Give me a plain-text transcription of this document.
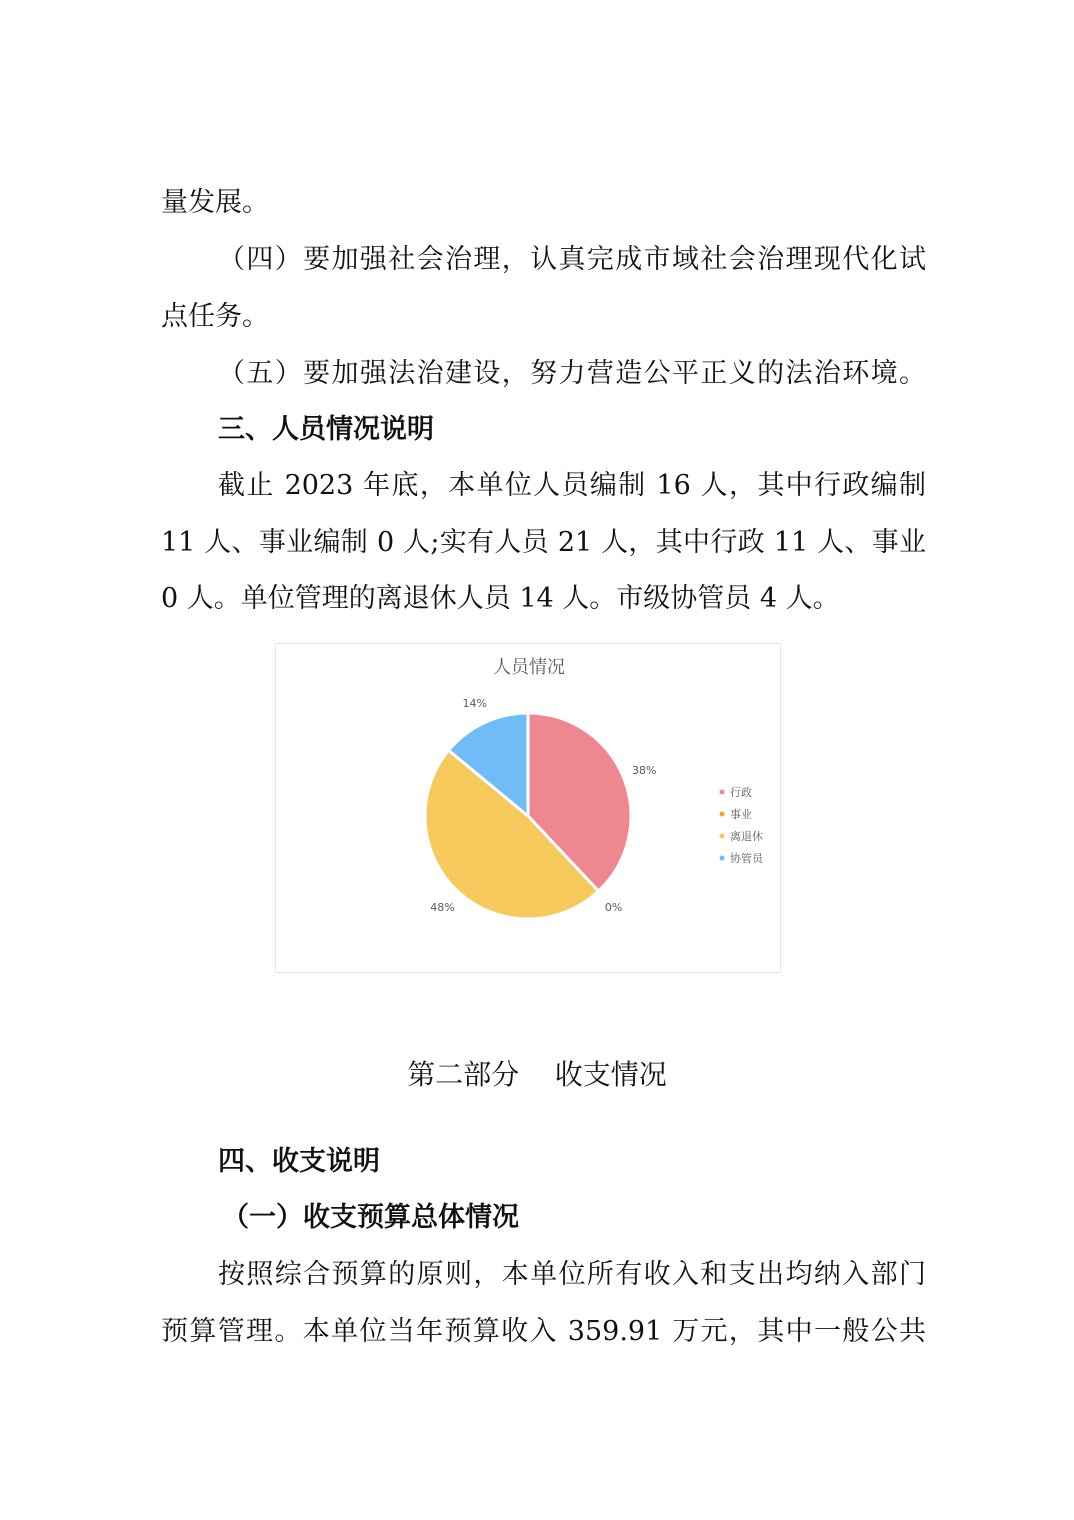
量发展。
（四）要加强社会治理，认真完成市域社会治理现代化试
点任务。
（五）要加强法治建设，努力营造公平正义的法治环境。
三、人员情况说明
截止 2023 年底，本单位人员编制 16 人，其中行政编制
11 人、事业编制 0 人;实有人员 21 人，其中行政 11 人、事业
0 人。单位管理的离退休人员 14 人。市级协管员 4 人。
人员情况
38%
0%
48%
14%
行政
事业
离退休
协管员
第二部分    收支情况
四、收支说明
（一）收支预算总体情况
按照综合预算的原则，本单位所有收入和支出均纳入部门
预算管理。本单位当年预算收入 359.91 万元，其中一般公共
